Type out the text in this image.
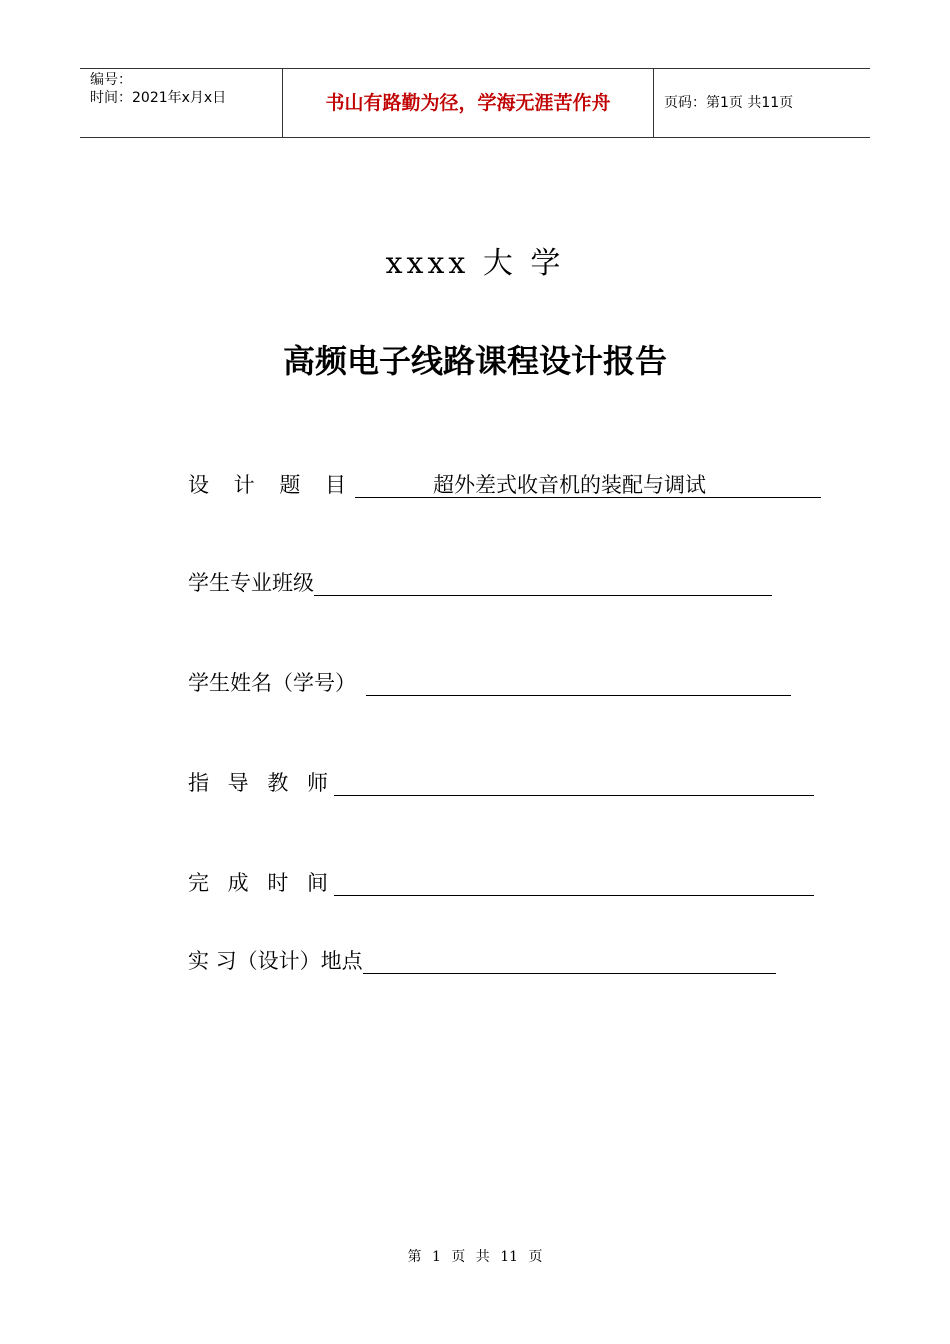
编号：
时间：2021年x月x日	书山有路勤为径，学海无涯苦作舟	页码：第1页 共11页
xxxx 大 学
高频电子线路课程设计报告
设 计 题 目	超外差式收音机的装配与调试
学生专业班级
学生姓名（学号）
指 导 教 师
完 成 时 间
实 习（设计）地点
第 1 页 共 11 页
